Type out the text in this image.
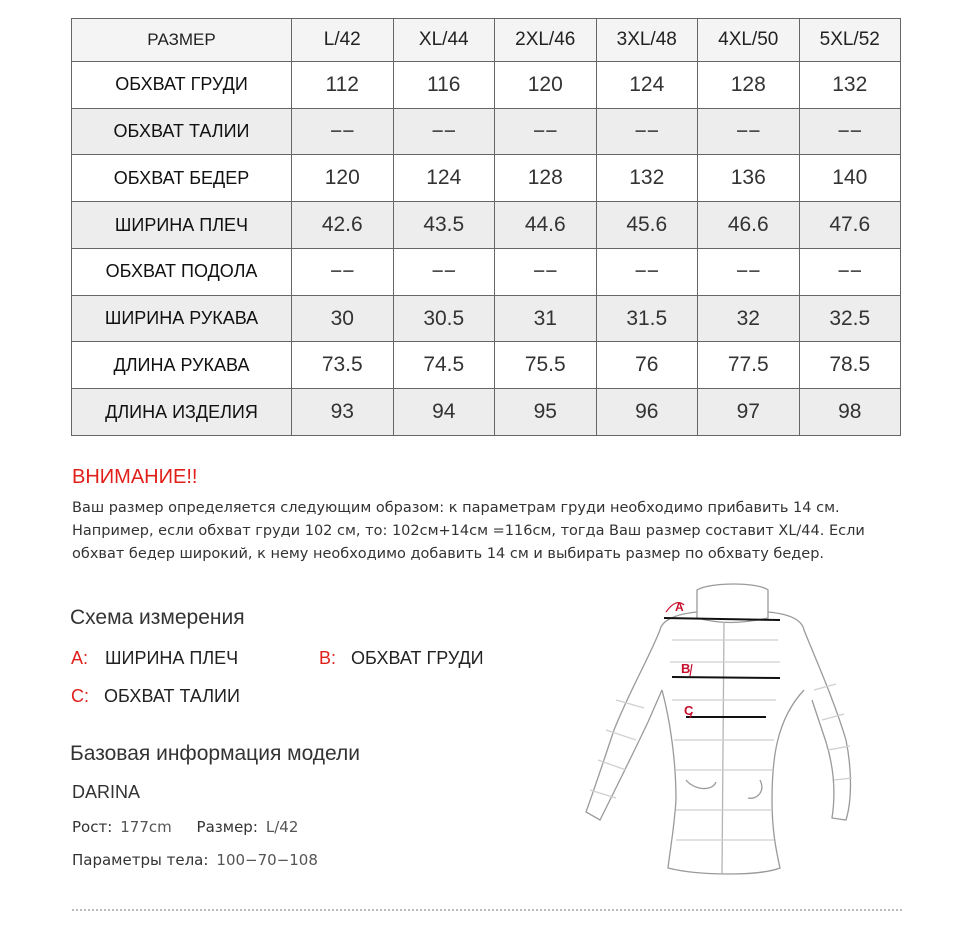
РАЗМЕР	L/42	XL/44	2XL/46	3XL/48	4XL/50	5XL/52
ОБХВАТ ГРУДИ	112	116	120	124	128	132
ОБХВАТ ТАЛИИ	−−	−−	−−	−−	−−	−−
ОБХВАТ БЕДЕР	120	124	128	132	136	140
ШИРИНА ПЛЕЧ	42.6	43.5	44.6	45.6	46.6	47.6
ОБХВАТ ПОДОЛА	−−	−−	−−	−−	−−	−−
ШИРИНА РУКАВА	30	30.5	31	31.5	32	32.5
ДЛИНА РУКАВА	73.5	74.5	75.5	76	77.5	78.5
ДЛИНА ИЗДЕЛИЯ	93	94	95	96	97	98
ВНИМАНИЕ!!
Ваш размер определяется следующим образом: к параметрам груди необходимо прибавить 14 см. Например, если обхват груди 102 см, то: 102см+14см =116см, тогда Ваш размер составит XL/44. Если обхват бедер широкий, к нему необходимо добавить 14 см и выбирать размер по обхвату бедер.
Схема измерения
A: ШИРИНА ПЛЕЧ	B: ОБХВАТ ГРУДИ
C: ОБХВАТ ТАЛИИ
Базовая информация модели
DARINA
Рост: 177cm Размер: L/42
Параметры тела: 100−70−108
A
B
C
